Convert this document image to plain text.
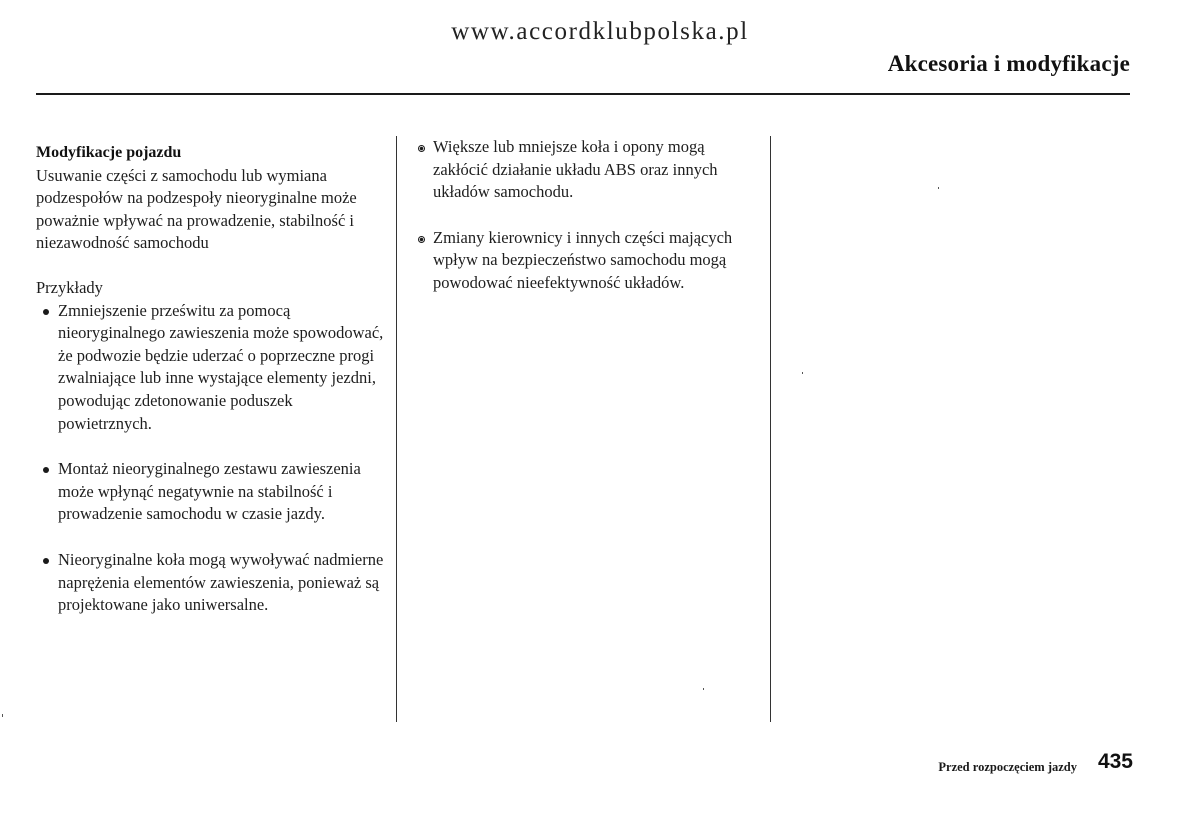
www.accordklubpolska.pl
Akcesoria i modyfikacje
Modyfikacje pojazdu

Usuwanie części z samochodu lub wymiana podzespołów na podzespoły nieoryginalne może poważnie wpływać na prowadzenie, stabilność i niezawodność samochodu

Przykłady

Zmniejszenie prześwitu za pomocą nieoryginalnego zawieszenia może spowodować, że podwozie będzie uderzać o poprzeczne progi zwalniające lub inne wystające elementy jezdni, powodując zdetonowanie poduszek powietrznych.
Montaż nieoryginalnego zestawu zawieszenia może wpłynąć negatywnie na stabilność i prowadzenie samochodu w czasie jazdy.
Nieoryginalne koła mogą wywoływać nadmierne naprężenia elementów zawieszenia, ponieważ są projektowane jako uniwersalne.
Większe lub mniejsze koła i opony mogą zakłócić działanie układu ABS oraz innych układów samochodu.
Zmiany kierownicy i innych części mających wpływ na bezpieczeństwo samochodu mogą powodować nieefektywność układów.
Przed rozpoczęciem jazdy 435
